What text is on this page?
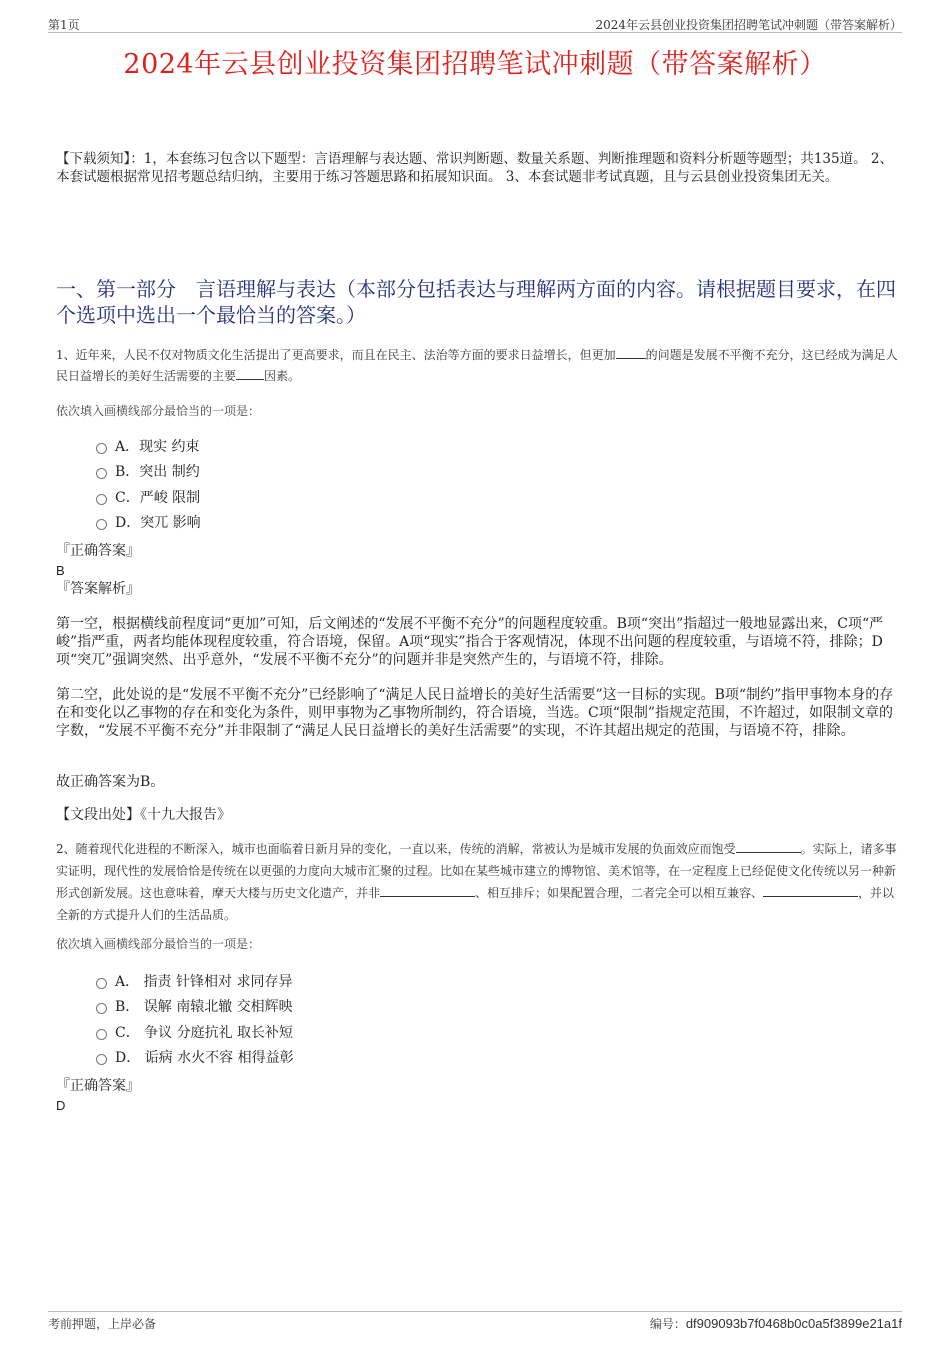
第1页	2024年云县创业投资集团招聘笔试冲刺题（带答案解析）
2024年云县创业投资集团招聘笔试冲刺题（带答案解析）
【下载须知】：1，本套练习包含以下题型：言语理解与表达题、常识判断题、数量关系题、判断推理题和资料分析题等题型；共135道。 2、本套试题根据常见招考题总结归纳，主要用于练习答题思路和拓展知识面。 3、本套试题非考试真题，且与云县创业投资集团无关。
一、第一部分　言语理解与表达（本部分包括表达与理解两方面的内容。请根据题目要求，在四个选项中选出一个最恰当的答案。）
1、近年来，人民不仅对物质文化生活提出了更高要求，而且在民主、法治等方面的要求日益增长，但更加	的问题是发展不平衡不充分，这已经成为满足人民日益增长的美好生活需要的主要 因素。
依次填入画横线部分最恰当的一项是：
A．现实 约束
B．突出 制约
C．严峻 限制
D．突兀 影响
『正确答案』
B
『答案解析』
第一空，根据横线前程度词“更加”可知，后文阐述的“发展不平衡不充分”的问题程度较重。B项“突出”指超过一般地显露出来，C项“严峻”指严重，两者均能体现程度较重，符合语境，保留。A项“现实”指合于客观情况，体现不出问题的程度较重，与语境不符，排除；D项“突兀”强调突然、出乎意外，“发展不平衡不充分”的问题并非是突然产生的，与语境不符，排除。
第二空，此处说的是“发展不平衡不充分”已经影响了“满足人民日益增长的美好生活需要”这一目标的实现。B项“制约”指甲事物本身的存在和变化以乙事物的存在和变化为条件，则甲事物为乙事物所制约，符合语境，当选。C项“限制”指规定范围，不许超过，如限制文章的字数，“发展不平衡不充分”并非限制了“满足人民日益增长的美好生活需要”的实现，不许其超出规定的范围，与语境不符，排除。
故正确答案为B。
【文段出处】《十九大报告》
2、随着现代化进程的不断深入，城市也面临着日新月异的变化，一直以来，传统的消解，常被认为是城市发展的负面效应而饱受	。实际上，诸多事实证明，现代性的发展恰恰是传统在以更强的力度向大城市汇聚的过程。比如在某些城市建立的博物馆、美术馆等，在一定程度上已经促使文化传统以另一种新形式创新发展。这也意味着，摩天大楼与历史文化遗产，并非	、相互排斥；如果配置合理，二者完全可以相互兼容、	，并以全新的方式提升人们的生活品质。
依次填入画横线部分最恰当的一项是：
A． 指责 针锋相对 求同存异
B． 误解 南辕北辙 交相辉映
C． 争议 分庭抗礼 取长补短
D． 诟病 水火不容 相得益彰
『正确答案』
D
考前押题，上岸必备	编号：df909093b7f0468b0c0a5f3899e21a1f
